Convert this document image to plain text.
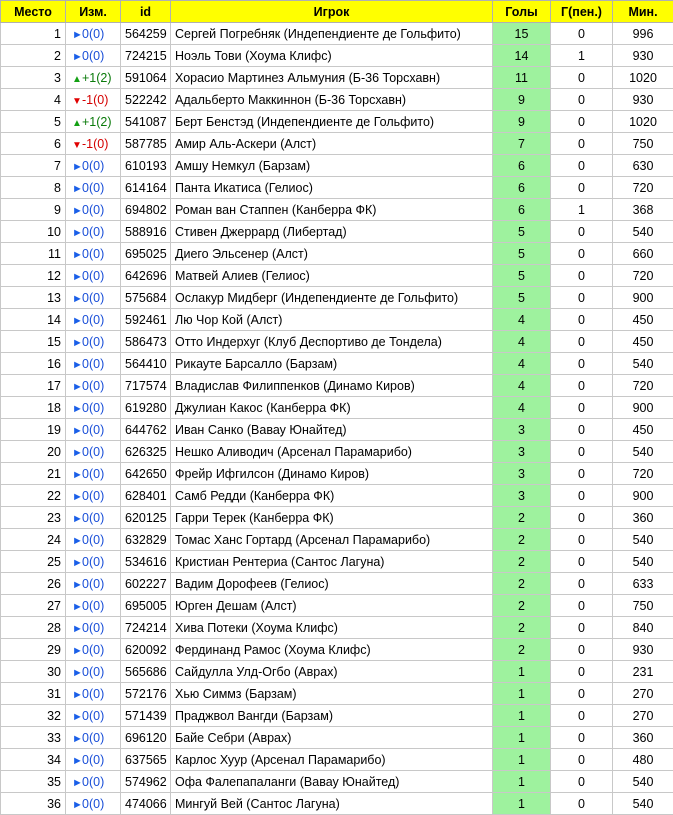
Место	Изм.	id	Игрок	Голы	Г(пен.)	Мин.
1	►0(0)	564259	Сергей Погребняк (Индепендиенте де Гольфито)	15	0	996
2	►0(0)	724215	Ноэль Тови (Хоума Клифс)	14	1	930
3	▲+1(2)	591064	Хорасио Мартинез Альмуния (Б-36 Торсхавн)	11	0	1020
4	▼-1(0)	522242	Адальберто Маккиннон (Б-36 Торсхавн)	9	0	930
5	▲+1(2)	541087	Берт Бенстэд (Индепендиенте де Гольфито)	9	0	1020
6	▼-1(0)	587785	Амир Аль-Аскери (Алст)	7	0	750
7	►0(0)	610193	Амшу Немкул (Барзам)	6	0	630
8	►0(0)	614164	Панта Икатиса (Гелиос)	6	0	720
9	►0(0)	694802	Роман ван Стаппен (Канберра ФК)	6	1	368
10	►0(0)	588916	Стивен Джеррард (Либертад)	5	0	540
11	►0(0)	695025	Диего Эльсенер (Алст)	5	0	660
12	►0(0)	642696	Матвей Алиев (Гелиос)	5	0	720
13	►0(0)	575684	Ослакур Мидберг (Индепендиенте де Гольфито)	5	0	900
14	►0(0)	592461	Лю Чор Кой (Алст)	4	0	450
15	►0(0)	586473	Отто Индерхуг (Клуб Деспортиво де Тондела)	4	0	450
16	►0(0)	564410	Рикауте Барсалло (Барзам)	4	0	540
17	►0(0)	717574	Владислав Филиппенков (Динамо Киров)	4	0	720
18	►0(0)	619280	Джулиан Какос (Канберра ФК)	4	0	900
19	►0(0)	644762	Иван Санко (Вавау Юнайтед)	3	0	450
20	►0(0)	626325	Нешко Аливодич (Арсенал Парамарибо)	3	0	540
21	►0(0)	642650	Фрейр Ифгилсон (Динамо Киров)	3	0	720
22	►0(0)	628401	Самб Редди (Канберра ФК)	3	0	900
23	►0(0)	620125	Гарри Терек (Канберра ФК)	2	0	360
24	►0(0)	632829	Томас Ханс Гортард (Арсенал Парамарибо)	2	0	540
25	►0(0)	534616	Кристиан Рентериа (Сантос Лагуна)	2	0	540
26	►0(0)	602227	Вадим Дорофеев (Гелиос)	2	0	633
27	►0(0)	695005	Юрген Дешам (Алст)	2	0	750
28	►0(0)	724214	Хива Потеки (Хоума Клифс)	2	0	840
29	►0(0)	620092	Фердинанд Рамос (Хоума Клифс)	2	0	930
30	►0(0)	565686	Сайдулла Улд-Огбо (Аврах)	1	0	231
31	►0(0)	572176	Хью Симмз (Барзам)	1	0	270
32	►0(0)	571439	Праджвол Вангди (Барзам)	1	0	270
33	►0(0)	696120	Байе Себри (Аврах)	1	0	360
34	►0(0)	637565	Карлос Хуур (Арсенал Парамарибо)	1	0	480
35	►0(0)	574962	Офа Фалепапаланги (Вавау Юнайтед)	1	0	540
36	►0(0)	474066	Мингуй Вей (Сантос Лагуна)	1	0	540
